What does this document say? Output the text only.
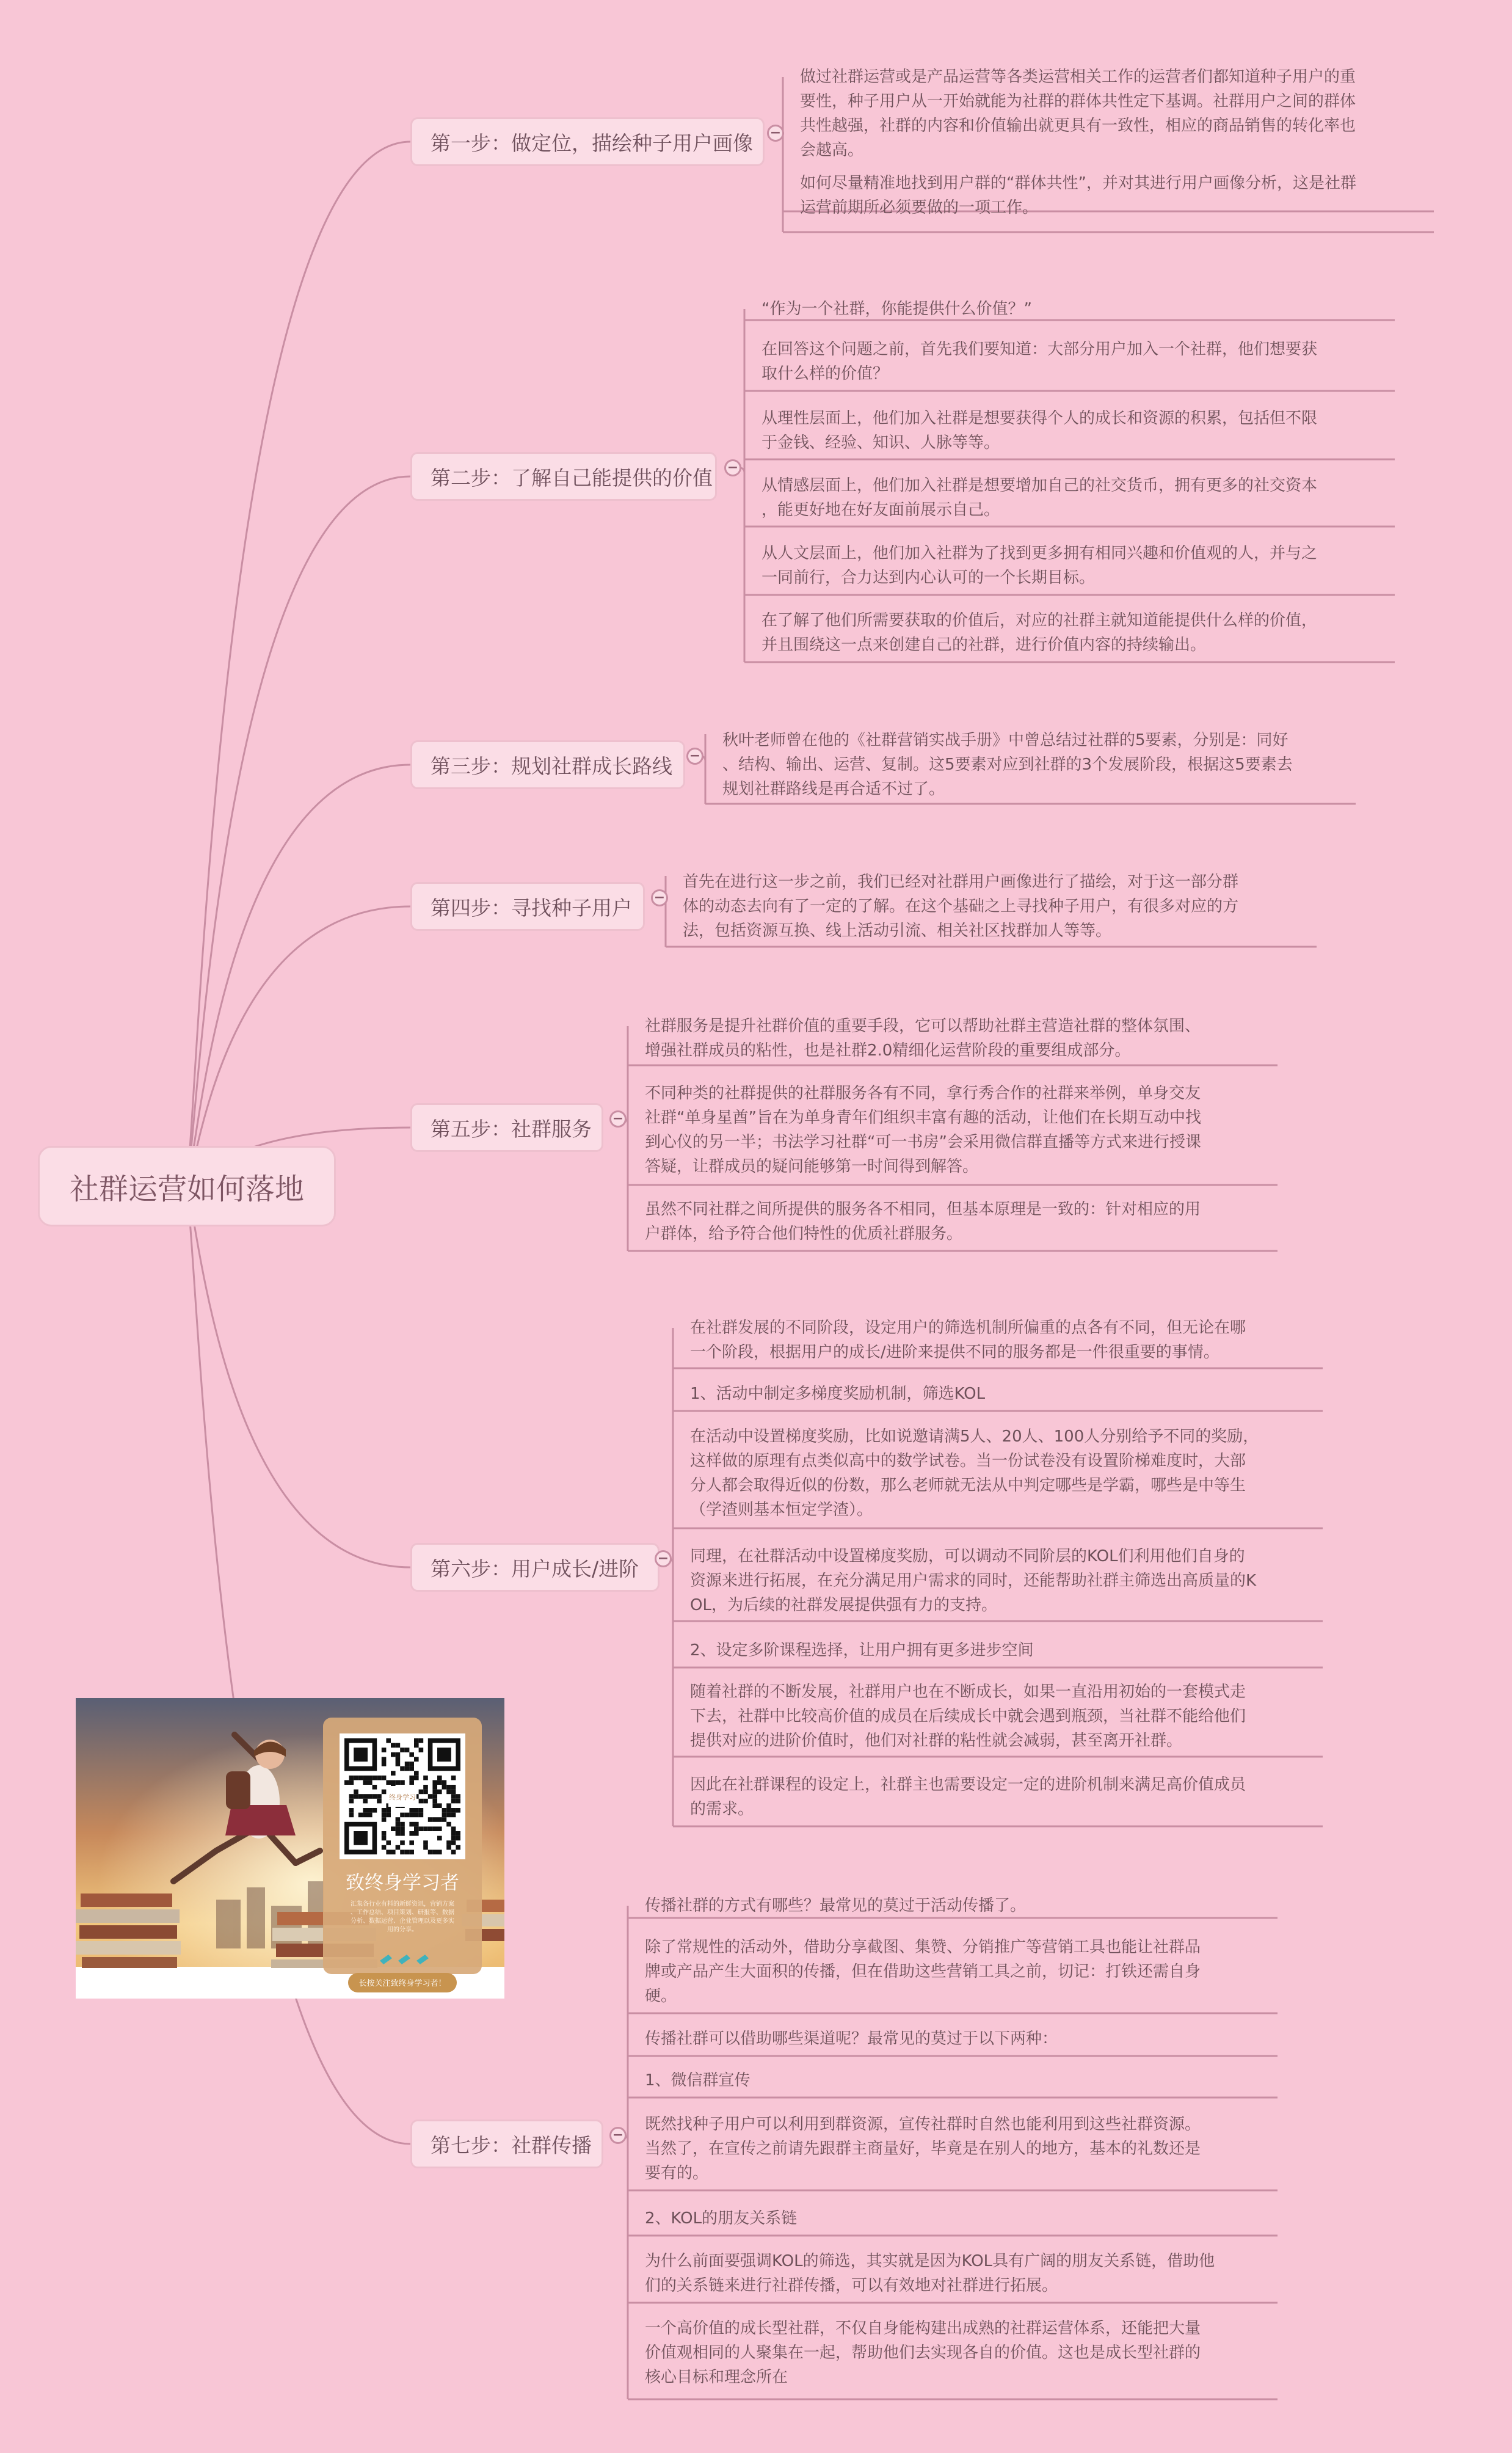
社群运营如何落地
第一步：做定位，描绘种子用户画像	−
做过社群运营或是产品运营等各类运营相关工作的运营者们都知道种子用户的重
要性，种子用户从一开始就能为社群的群体共性定下基调。社群用户之间的群体
共性越强，社群的内容和价值输出就更具有一致性，相应的商品销售的转化率也
会越高。
如何尽量精准地找到用户群的“群体共性”，并对其进行用户画像分析，这是社群
运营前期所必须要做的一项工作。
第二步：了解自己能提供的价值	−
“作为一个社群，你能提供什么价值？”
在回答这个问题之前，首先我们要知道：大部分用户加入一个社群，他们想要获
取什么样的价值？
从理性层面上，他们加入社群是想要获得个人的成长和资源的积累，包括但不限
于金钱、经验、知识、人脉等等。
从情感层面上，他们加入社群是想要增加自己的社交货币，拥有更多的社交资本
，能更好地在好友面前展示自己。
从人文层面上，他们加入社群为了找到更多拥有相同兴趣和价值观的人，并与之
一同前行，合力达到内心认可的一个长期目标。
在了解了他们所需要获取的价值后，对应的社群主就知道能提供什么样的价值，
并且围绕这一点来创建自己的社群，进行价值内容的持续输出。
第三步：规划社群成长路线	−
秋叶老师曾在他的《社群营销实战手册》中曾总结过社群的5要素，分别是：同好
、结构、输出、运营、复制。这5要素对应到社群的3个发展阶段，根据这5要素去
规划社群路线是再合适不过了。
第四步：寻找种子用户	−
首先在进行这一步之前，我们已经对社群用户画像进行了描绘，对于这一部分群
体的动态去向有了一定的了解。在这个基础之上寻找种子用户，有很多对应的方
法，包括资源互换、线上活动引流、相关社区找群加人等等。
第五步：社群服务	−
社群服务是提升社群价值的重要手段，它可以帮助社群主营造社群的整体氛围、
增强社群成员的粘性，也是社群2.0精细化运营阶段的重要组成部分。
不同种类的社群提供的社群服务各有不同，拿行秀合作的社群来举例，单身交友
社群“单身星酋”旨在为单身青年们组织丰富有趣的活动，让他们在长期互动中找
到心仪的另一半；书法学习社群“可一书房”会采用微信群直播等方式来进行授课
答疑，让群成员的疑问能够第一时间得到解答。
虽然不同社群之间所提供的服务各不相同，但基本原理是一致的：针对相应的用
户群体，给予符合他们特性的优质社群服务。
第六步：用户成长/进阶	−
在社群发展的不同阶段，设定用户的筛选机制所偏重的点各有不同，但无论在哪
一个阶段，根据用户的成长/进阶来提供不同的服务都是一件很重要的事情。
1、活动中制定多梯度奖励机制，筛选KOL
在活动中设置梯度奖励，比如说邀请满5人、20人、100人分别给予不同的奖励，
这样做的原理有点类似高中的数学试卷。当一份试卷没有设置阶梯难度时，大部
分人都会取得近似的份数，那么老师就无法从中判定哪些是学霸，哪些是中等生
（学渣则基本恒定学渣）。
同理，在社群活动中设置梯度奖励，可以调动不同阶层的KOL们利用他们自身的
资源来进行拓展，在充分满足用户需求的同时，还能帮助社群主筛选出高质量的K
OL，为后续的社群发展提供强有力的支持。
2、设定多阶课程选择，让用户拥有更多进步空间
随着社群的不断发展，社群用户也在不断成长，如果一直沿用初始的一套模式走
下去，社群中比较高价值的成员在后续成长中就会遇到瓶颈，当社群不能给他们
提供对应的进阶价值时，他们对社群的粘性就会减弱，甚至离开社群。
因此在社群课程的设定上，社群主也需要设定一定的进阶机制来满足高价值成员
的需求。
第七步：社群传播	−
传播社群的方式有哪些？最常见的莫过于活动传播了。
除了常规性的活动外，借助分享截图、集赞、分销推广等营销工具也能让社群品
牌或产品产生大面积的传播，但在借助这些营销工具之前，切记：打铁还需自身
硬。
传播社群可以借助哪些渠道呢？最常见的莫过于以下两种：
1、微信群宣传
既然找种子用户可以利用到群资源，宣传社群时自然也能利用到这些社群资源。
当然了，在宣传之前请先跟群主商量好，毕竟是在别人的地方，基本的礼数还是
要有的。
2、KOL的朋友关系链
为什么前面要强调KOL的筛选，其实就是因为KOL具有广阔的朋友关系链，借助他
们的关系链来进行社群传播，可以有效地对社群进行拓展。
一个高价值的成长型社群，不仅自身能构建出成熟的社群运营体系，还能把大量
价值观相同的人聚集在一起，帮助他们去实现各自的价值。这也是成长型社群的
核心目标和理念所在
终身学习
致终身学习者
汇集各行业有料的新鲜资讯，营销方案、工作总结、项目策划、研报等、数据分析、数据运营、企业管理以及更多实用的分享。
长按关注致终身学习者！
